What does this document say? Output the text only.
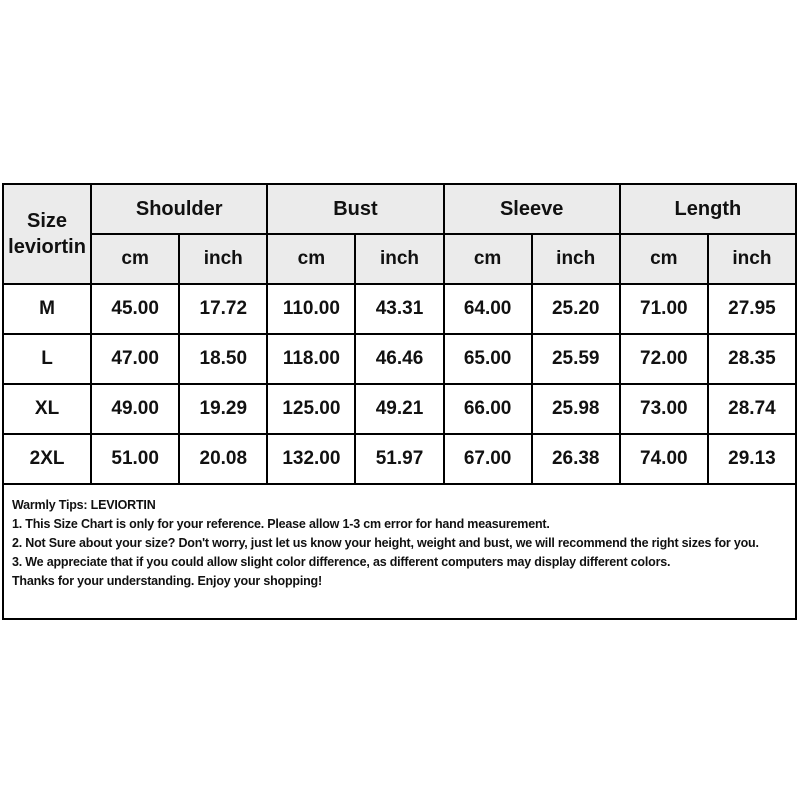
Size
leviortin	Shoulder		Bust		Sleeve		Length	
	cm	inch	cm	inch	cm	inch	cm	inch
M	45.00	17.72	110.00	43.31	64.00	25.20	71.00	27.95
L	47.00	18.50	118.00	46.46	65.00	25.59	72.00	28.35
XL	49.00	19.29	125.00	49.21	66.00	25.98	73.00	28.74
2XL	51.00	20.08	132.00	51.97	67.00	26.38	74.00	29.13
Warmly Tips: LEVIORTIN
1. This Size Chart is only for your reference. Please allow 1-3 cm error for hand measurement.
2. Not Sure about your size? Don't worry, just let us know your height, weight and bust, we will recommend the right sizes for you.
3. We appreciate that if you could allow slight color difference, as different computers may display different colors.
Thanks for your understanding. Enjoy your shopping!
